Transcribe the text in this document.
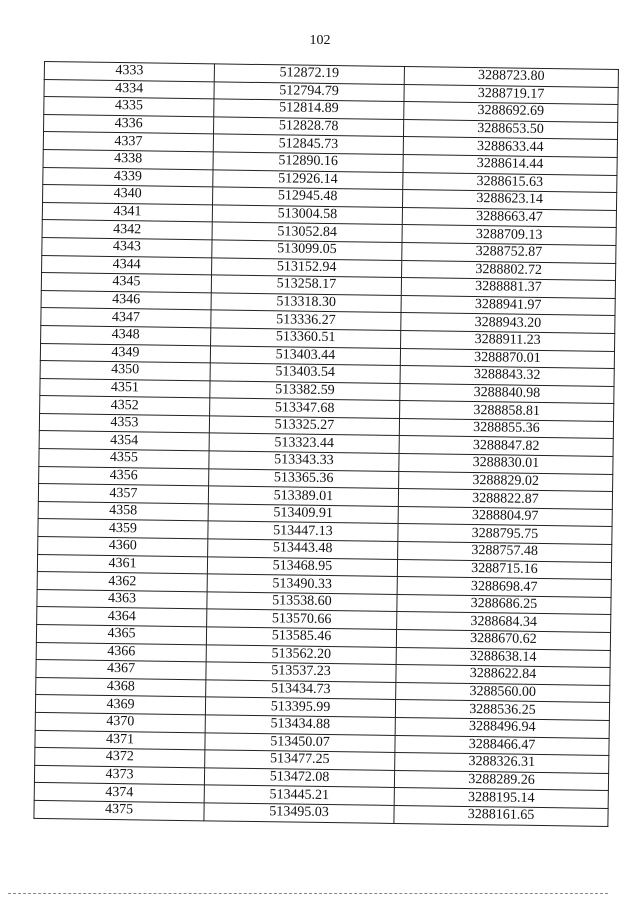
102
4333	512872.19	3288723.80
4334	512794.79	3288719.17
4335	512814.89	3288692.69
4336	512828.78	3288653.50
4337	512845.73	3288633.44
4338	512890.16	3288614.44
4339	512926.14	3288615.63
4340	512945.48	3288623.14
4341	513004.58	3288663.47
4342	513052.84	3288709.13
4343	513099.05	3288752.87
4344	513152.94	3288802.72
4345	513258.17	3288881.37
4346	513318.30	3288941.97
4347	513336.27	3288943.20
4348	513360.51	3288911.23
4349	513403.44	3288870.01
4350	513403.54	3288843.32
4351	513382.59	3288840.98
4352	513347.68	3288858.81
4353	513325.27	3288855.36
4354	513323.44	3288847.82
4355	513343.33	3288830.01
4356	513365.36	3288829.02
4357	513389.01	3288822.87
4358	513409.91	3288804.97
4359	513447.13	3288795.75
4360	513443.48	3288757.48
4361	513468.95	3288715.16
4362	513490.33	3288698.47
4363	513538.60	3288686.25
4364	513570.66	3288684.34
4365	513585.46	3288670.62
4366	513562.20	3288638.14
4367	513537.23	3288622.84
4368	513434.73	3288560.00
4369	513395.99	3288536.25
4370	513434.88	3288496.94
4371	513450.07	3288466.47
4372	513477.25	3288326.31
4373	513472.08	3288289.26
4374	513445.21	3288195.14
4375	513495.03	3288161.65
